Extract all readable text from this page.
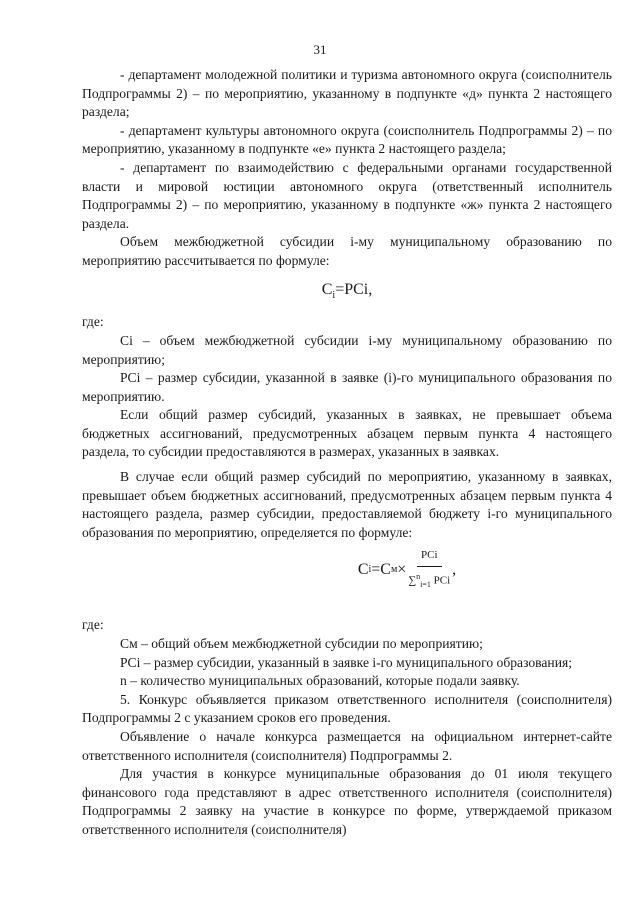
31

- департамент молодежной политики и туризма автономного округа (соисполнитель Подпрограммы 2) – по мероприятию, указанному в подпункте «д» пункта 2 настоящего раздела;

- департамент культуры автономного округа (соисполнитель Подпрограммы 2) – по мероприятию, указанному в подпункте «е» пункта 2 настоящего раздела;

- департамент по взаимодействию с федеральными органами государственной власти и мировой юстиции автономного округа (ответственный исполнитель Подпрограммы 2) – по мероприятию, указанному в подпункте «ж» пункта 2 настоящего раздела.

Объем межбюджетной субсидии i-му муниципальному образованию по мероприятию рассчитывается по формуле:

$C_i=PCi$,

где:

Ci – объем межбюджетной субсидии i-му муниципальному образованию по мероприятию;

PCi – размер субсидии, указанной в заявке (i)-го муниципального образования по мероприятию.

Если общий размер субсидий, указанных в заявках, не превышает объема бюджетных ассигнований, предусмотренных абзацем первым пункта 4 настоящего раздела, то субсидии предоставляются в размерах, указанных в заявках.

В случае если общий размер субсидий по мероприятию, указанному в заявках, превышает объем бюджетных ассигнований, предусмотренных абзацем первым пункта 4 настоящего раздела, размер субсидии, предоставляемой бюджету i-го муниципального образования по мероприятию, определяется по формуле:

C i =C $м \times \frac{\text{PCi}}{\sum^n_{i=1} PCi}$ ,

где:

Cм – общий объем межбюджетной субсидии по мероприятию;

PCi – размер субсидии, указанный в заявке i-го муниципального образования;

n – количество муниципальных образований, которые подали заявку.

5. Конкурс объявляется приказом ответственного исполнителя (соисполнителя) Подпрограммы 2 с указанием сроков его проведения.

Объявление о начале конкурса размещается на официальном интернет-сайте ответственного исполнителя (соисполнителя) Подпрограммы 2.

Для участия в конкурсе муниципальные образования до 01 июля текущего финансового года представляют в адрес ответственного исполнителя (соисполнителя) Подпрограммы 2 заявку на участие в конкурсе по форме, утверждаемой приказом ответственного исполнителя (соисполнителя)
